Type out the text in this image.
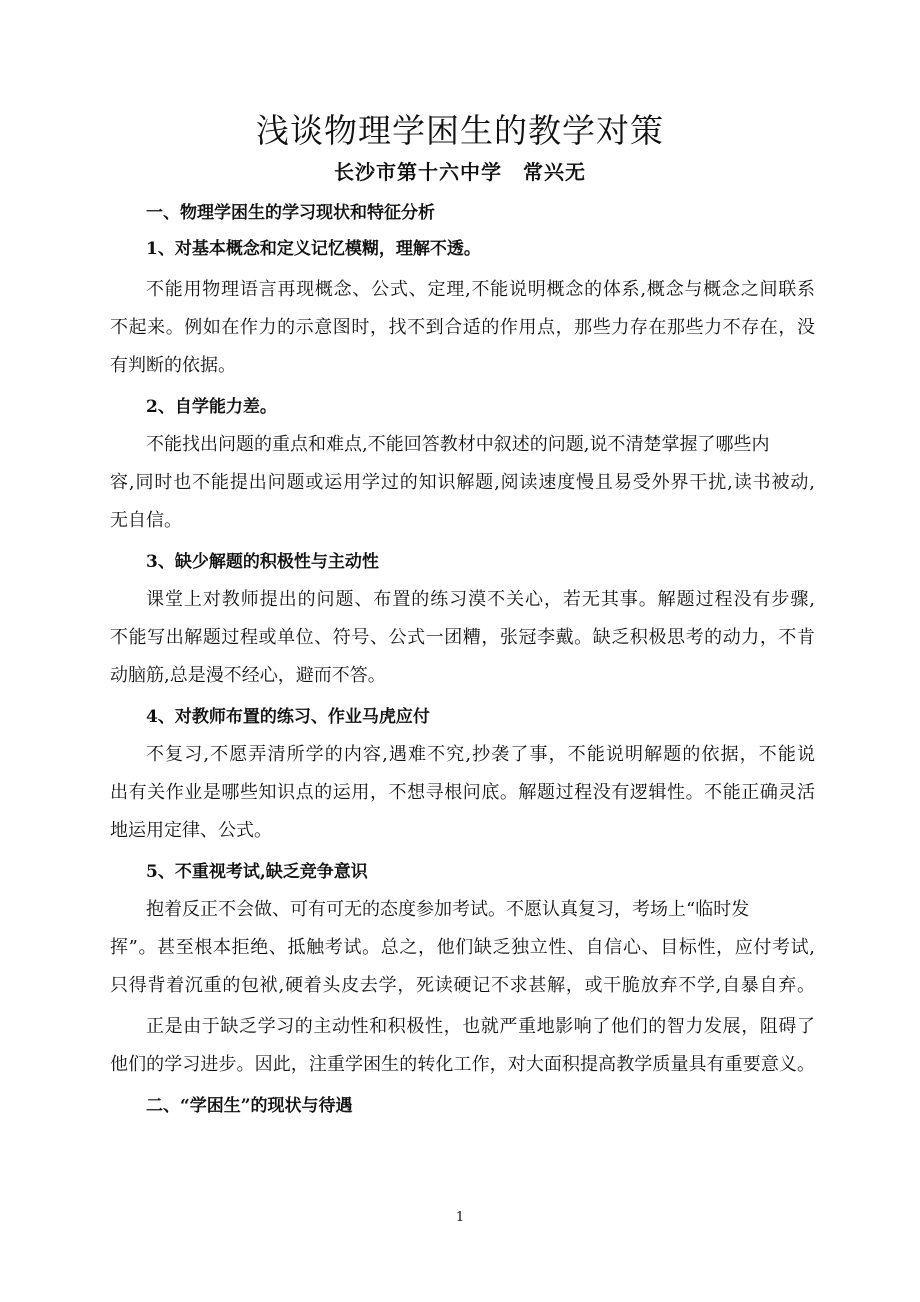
浅谈物理学困生的教学对策
长沙市第十六中学　常兴无
一、物理学困生的学习现状和特征分析
1、对基本概念和定义记忆模糊，理解不透。
不能用物理语言再现概念、公式、定理,不能说明概念的体系,概念与概念之间联系
不起来。例如在作力的示意图时，找不到合适的作用点，那些力存在那些力不存在，没
有判断的依据。
2、自学能力差。
不能找出问题的重点和难点,不能回答教材中叙述的问题,说不清楚掌握了哪些内
容,同时也不能提出问题或运用学过的知识解题,阅读速度慢且易受外界干扰,读书被动,
无自信。
3、缺少解题的积极性与主动性
课堂上对教师提出的问题、布置的练习漠不关心，若无其事。解题过程没有步骤,
不能写出解题过程或单位、符号、公式一团糟，张冠李戴。缺乏积极思考的动力，不肯
动脑筋,总是漫不经心，避而不答。
4、对教师布置的练习、作业马虎应付
不复习,不愿弄清所学的内容,遇难不究,抄袭了事，不能说明解题的依据，不能说
出有关作业是哪些知识点的运用，不想寻根问底。解题过程没有逻辑性。不能正确灵活
地运用定律、公式。
5、不重视考试,缺乏竞争意识
抱着反正不会做、可有可无的态度参加考试。不愿认真复习，考场上“临时发
挥”。甚至根本拒绝、抵触考试。总之，他们缺乏独立性、自信心、目标性，应付考试,
只得背着沉重的包袱,硬着头皮去学，死读硬记不求甚解，或干脆放弃不学,自暴自弃。
正是由于缺乏学习的主动性和积极性，也就严重地影响了他们的智力发展，阻碍了
他们的学习进步。因此，注重学困生的转化工作，对大面积提高教学质量具有重要意义。
二、“学困生”的现状与待遇
1
